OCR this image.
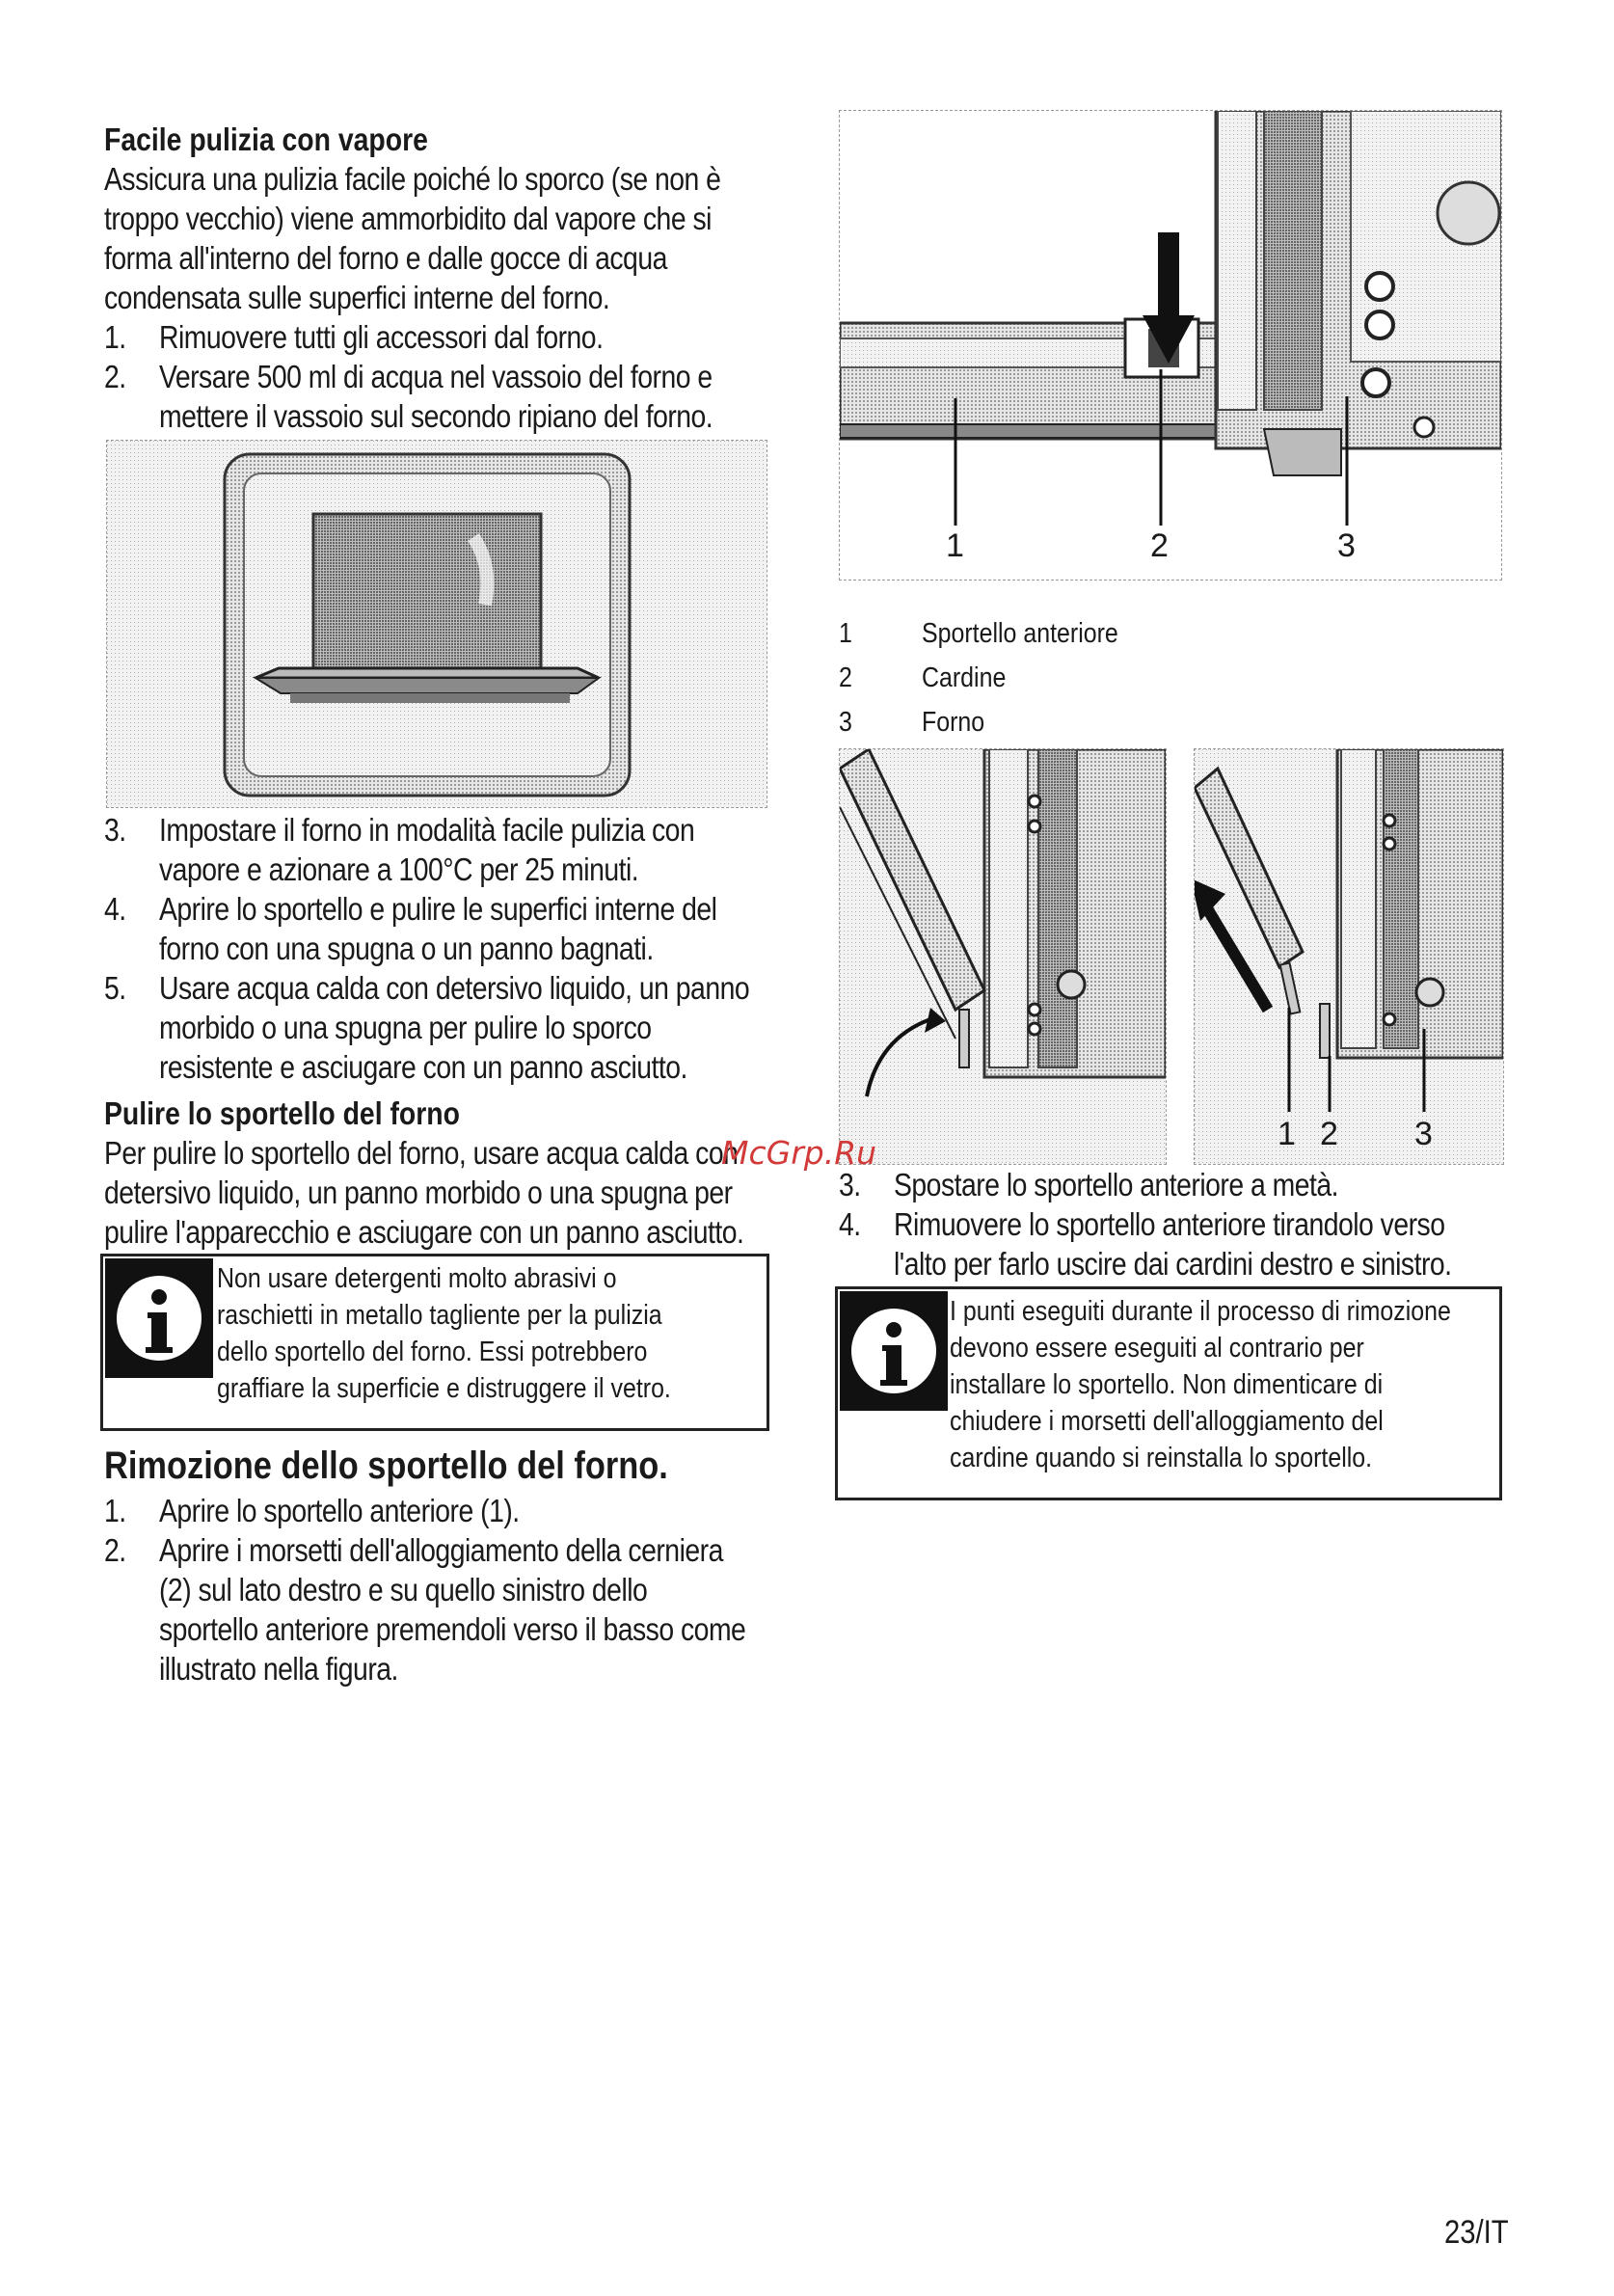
Facile pulizia con vapore
Assicura una pulizia facile poiché lo sporco (se non è
troppo vecchio) viene ammorbidito dal vapore che si
forma all'interno del forno e dalle gocce di acqua
condensata sulle superfici interne del forno.
1. Rimuovere tutti gli accessori dal forno.
2. Versare 500 ml di acqua nel vassoio del forno e
mettere il vassoio sul secondo ripiano del forno.
3. Impostare il forno in modalità facile pulizia con
vapore e azionare a 100°C per 25 minuti.
4. Aprire lo sportello e pulire le superfici interne del
forno con una spugna o un panno bagnati.
5. Usare acqua calda con detersivo liquido, un panno
morbido o una spugna per pulire lo sporco
resistente e asciugare con un panno asciutto.
Pulire lo sportello del forno
Per pulire lo sportello del forno, usare acqua calda con
detersivo liquido, un panno morbido o una spugna per
pulire l'apparecchio e asciugare con un panno asciutto.
Non usare detergenti molto abrasivi o
raschietti in metallo tagliente per la pulizia
dello sportello del forno. Essi potrebbero
graffiare la superficie e distruggere il vetro.
Rimozione dello sportello del forno.
1. Aprire lo sportello anteriore (1).
2. Aprire i morsetti dell'alloggiamento della cerniera
(2) sul lato destro e su quello sinistro dello
sportello anteriore premendoli verso il basso come
illustrato nella figura.
1	2	3
1 Sportello anteriore
2 Cardine
3 Forno
1 2 3
McGrp.Ru
3. Spostare lo sportello anteriore a metà.
4. Rimuovere lo sportello anteriore tirandolo verso
l'alto per farlo uscire dai cardini destro e sinistro.
I punti eseguiti durante il processo di rimozione
devono essere eseguiti al contrario per
installare lo sportello. Non dimenticare di
chiudere i morsetti dell'alloggiamento del
cardine quando si reinstalla lo sportello.
23/IT
